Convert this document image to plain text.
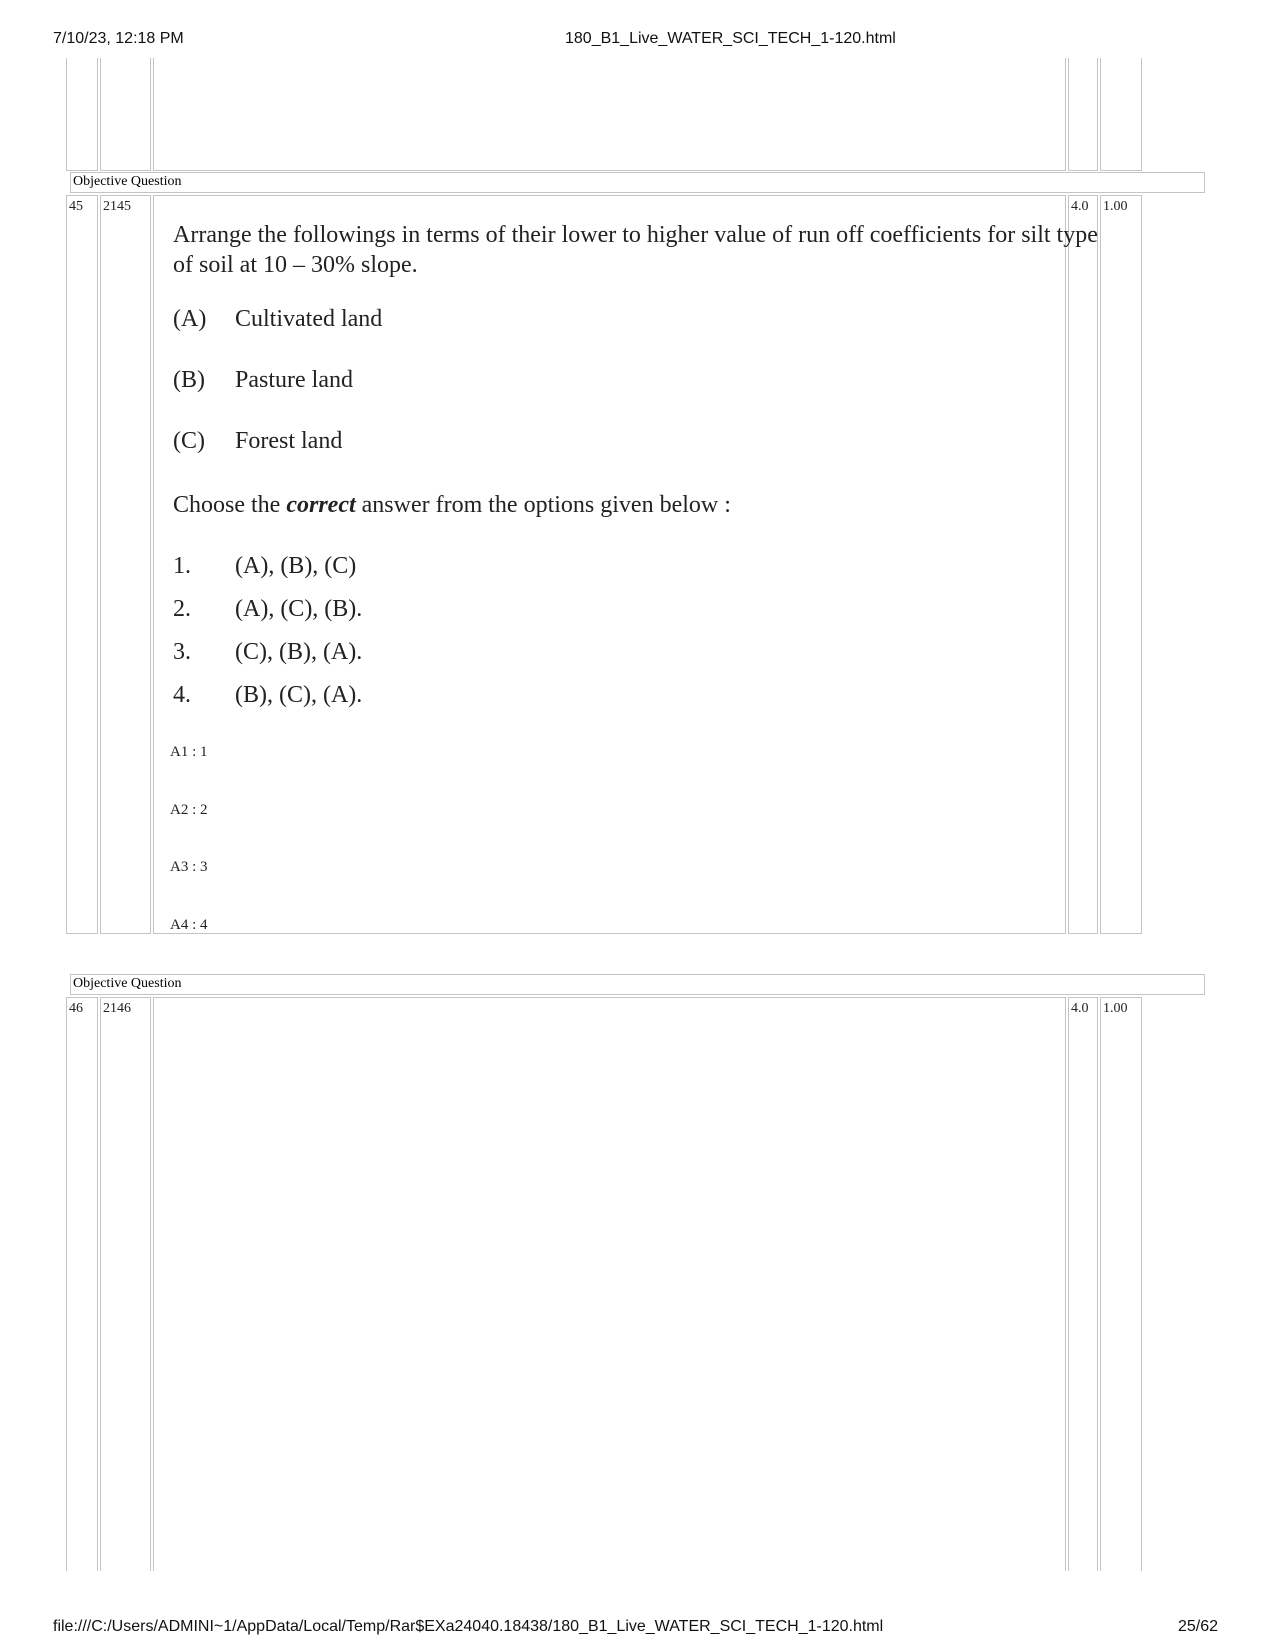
7/10/23, 12:18 PM	180_B1_Live_WATER_SCI_TECH_1-120.html
Objective Question
45 2145	4.0 1.00
Arrange the followings in terms of their lower to higher value of run off coefficients for silt type of soil at 10 – 30% slope.
(A) Cultivated land
(B) Pasture land
(C) Forest land
Choose the correct answer from the options given below :
1. (A), (B), (C)
2. (A), (C), (B).
3. (C), (B), (A).
4. (B), (C), (A).
A1 : 1
A2 : 2
A3 : 3
A4 : 4
Objective Question
46 2146	4.0 1.00
file:///C:/Users/ADMINI~1/AppData/Local/Temp/Rar$EXa24040.18438/180_B1_Live_WATER_SCI_TECH_1-120.html	25/62
